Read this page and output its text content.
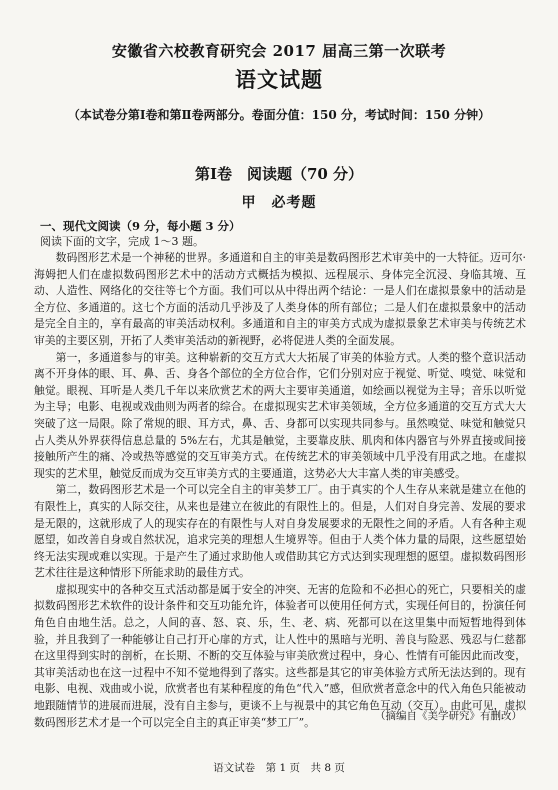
安徽省六校教育研究会 2017 届高三第一次联考
语文试题
（本试卷分第Ⅰ卷和第Ⅱ卷两部分。卷面分值：150 分，考试时间：150 分钟）
第Ⅰ卷　阅读题（70 分）
甲　必考题
一、现代文阅读（9 分，每小题 3 分）
阅读下面的文字，完成 1～3 题。

数码图形艺术是一个神秘的世界。多通道和自主的审美是数码图形艺术审美中的一大特征。迈可尔·海姆把人们在虚拟数码图形艺术中的活动方式概括为模拟、远程展示、身体完全沉浸、身临其境、互动、人造性、网络化的交往等七个方面。我们可以从中得出两个结论：一是人们在虚拟景象中的活动是全方位、多通道的。这七个方面的活动几乎涉及了人类身体的所有部位；二是人们在虚拟景象中的活动是完全自主的，享有最高的审美活动权利。多通道和自主的审美方式成为虚拟景象艺术审美与传统艺术审美的主要区别，开拓了人类审美活动的新视野，必将促进人类的全面发展。

第一，多通道参与的审美。这种崭新的交互方式大大拓展了审美的体验方式。人类的整个意识活动离不开身体的眼、耳、鼻、舌、身各个部位的全方位合作，它们分别对应于视觉、听觉、嗅觉、味觉和触觉。眼视、耳听是人类几千年以来欣赏艺术的两大主要审美通道，如绘画以视觉为主导；音乐以听觉为主导；电影、电视或戏曲则为两者的综合。在虚拟现实艺术审美领域，全方位多通道的交互方式大大突破了这一局限。除了常规的眼、耳方式，鼻、舌、身都可以实现共同参与。虽然嗅觉、味觉和触觉只占人类从外界获得信息总量的 5%左右，尤其是触觉，主要靠皮肤、肌肉和体内器官与外界直接或间接接触所产生的痛、冷或热等感觉的交互审美方式。在传统艺术的审美领域中几乎没有用武之地。在虚拟现实的艺术里，触觉反而成为交互审美方式的主要通道，这势必大大丰富人类的审美感受。

第二，数码图形艺术是一个可以完全自主的审美梦工厂。由于真实的个人生存从来就是建立在他的有限性上，真实的人际交往，从来也是建立在彼此的有限性上的。但是，人们对自身完善、发展的要求是无限的，这就形成了人的现实存在的有限性与人对自身发展要求的无限性之间的矛盾。人有各种主观愿望，如改善自身或自然状况，追求完美的理想人生境界等。但由于人类个体力量的局限，这些愿望始终无法实现或难以实现。于是产生了通过求助他人或借助其它方式达到实现理想的愿望。虚拟数码图形艺术往往是这种情形下所能求助的最佳方式。

虚拟现实中的各种交互式活动都是属于安全的冲突、无害的危险和不必担心的死亡，只要相关的虚拟数码图形艺术软件的设计条件和交互功能允许，体验者可以使用任何方式，实现任何目的，扮演任何角色自由地生活。总之，人间的喜、怒、哀、乐，生、老、病、死都可以在这里集中而短暂地得到体验，并且我到了一种能够让自己打开心扉的方式，让人性中的黑暗与光明、善良与险恶、残忍与仁慈都在这里得到实时的剖析，在长期、不断的交互体验与审美欣赏过程中，身心、性情有可能因此而改变，其审美活动也在这一过程中不知不觉地得到了落实。这些都是其它的审美体验方式所无法达到的。现有电影、电视、戏曲或小说，欣赏者也有某种程度的角色“代入”感，但欣赏者意念中的代入角色只能被动地跟随情节的进展而进展，没有自主参与，更谈不上与视景中的其它角色互动（交互）。由此可见，虚拟数码图形艺术才是一个可以完全自主的真正审美“梦工厂”。	（摘编自《美学研究》有删改）
语文试卷　第 1 页　共 8 页
